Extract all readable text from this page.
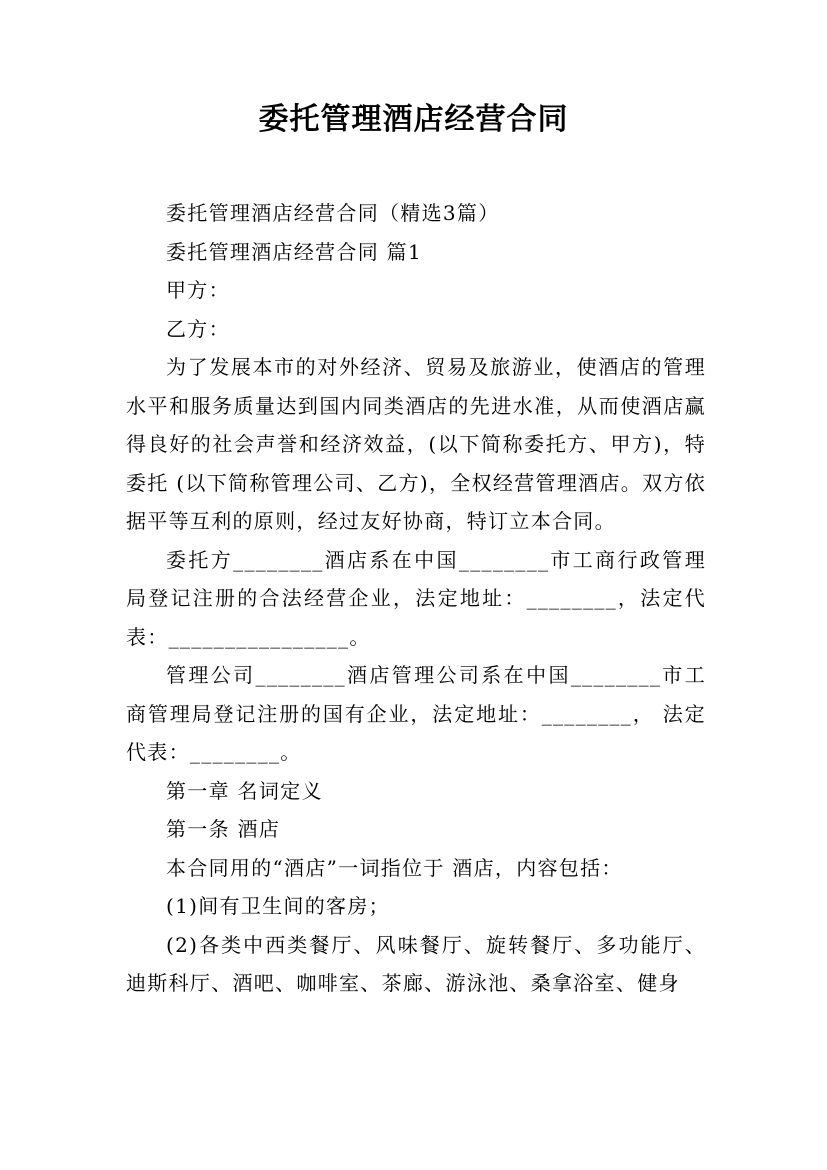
委托管理酒店经营合同

委托管理酒店经营合同（精选3篇）

委托管理酒店经营合同 篇1

甲方：

乙方：

为了发展本市的对外经济、贸易及旅游业，使酒店的管理水平和服务质量达到国内同类酒店的先进水准，从而使酒店赢得良好的社会声誉和经济效益，(以下简称委托方、甲方)，特委托 (以下简称管理公司、乙方)，全权经营管理酒店。双方依据平等互利的原则，经过友好协商，特订立本合同。

委托方________酒店系在中国________市工商行政管理局登记注册的合法经营企业，法定地址：________，法定代表：________________。

管理公司________酒店管理公司系在中国________市工商管理局登记注册的国有企业，法定地址：________， 法定代表：________。

第一章 名词定义

第一条 酒店

本合同用的“酒店”一词指位于 酒店，内容包括：

(1)间有卫生间的客房；

(2)各类中西类餐厅、风味餐厅、旋转餐厅、多功能厅、迪斯科厅、酒吧、咖啡室、茶廊、游泳池、桑拿浴室、健身
